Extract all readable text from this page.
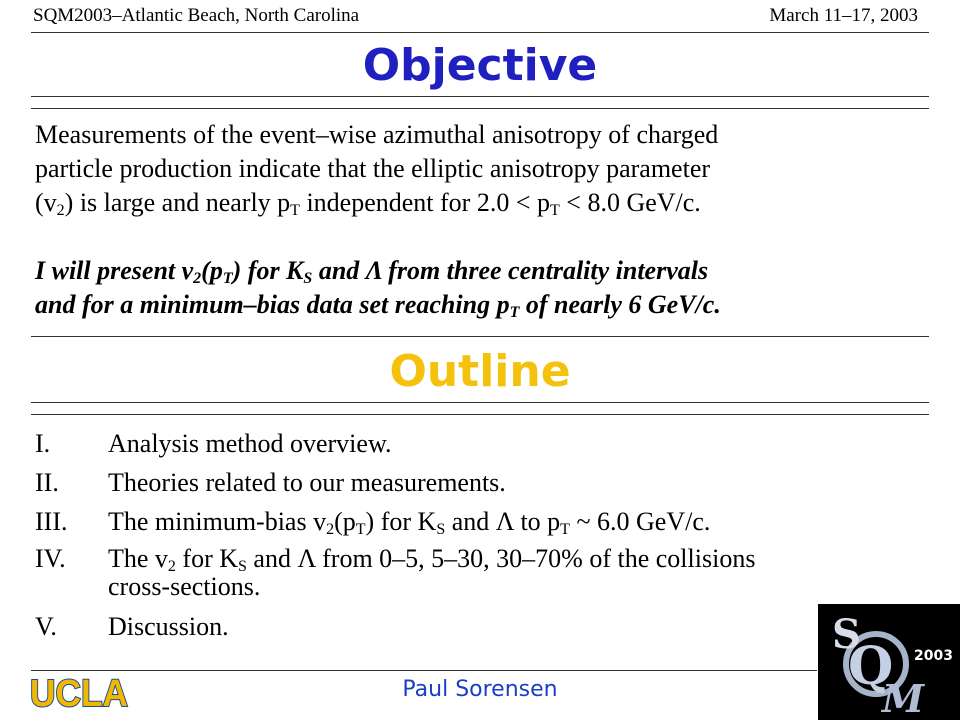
SQM2003–Atlantic Beach, North Carolina	March 11–17, 2003
Objective
Measurements of the event–wise azimuthal anisotropy of charged
particle production indicate that the elliptic anisotropy parameter
$(v_2)$ is large and nearly $p_T$ independent for $2.0 < p_T < 8.0$ GeV/c.
I will present $v_2(p_T)$ for $K_S$ and Λ from three centrality intervals
and for a minimum–bias data set reaching $p_T$ of nearly 6 GeV/c.
Outline
I. Analysis method overview.
II. Theories related to our measurements.
III. The minimum-bias $v_2(p_T)$ for $K_S$ and Λ to $p_T$ ~ 6.0 GeV/c.
IV. The $v_2$ for $K_S$ and Λ from 0–5, 5–30, 30–70% of the collisions
cross-sections.
V. Discussion.
UCLA	Paul Sorensen
S
Q
M
2003
